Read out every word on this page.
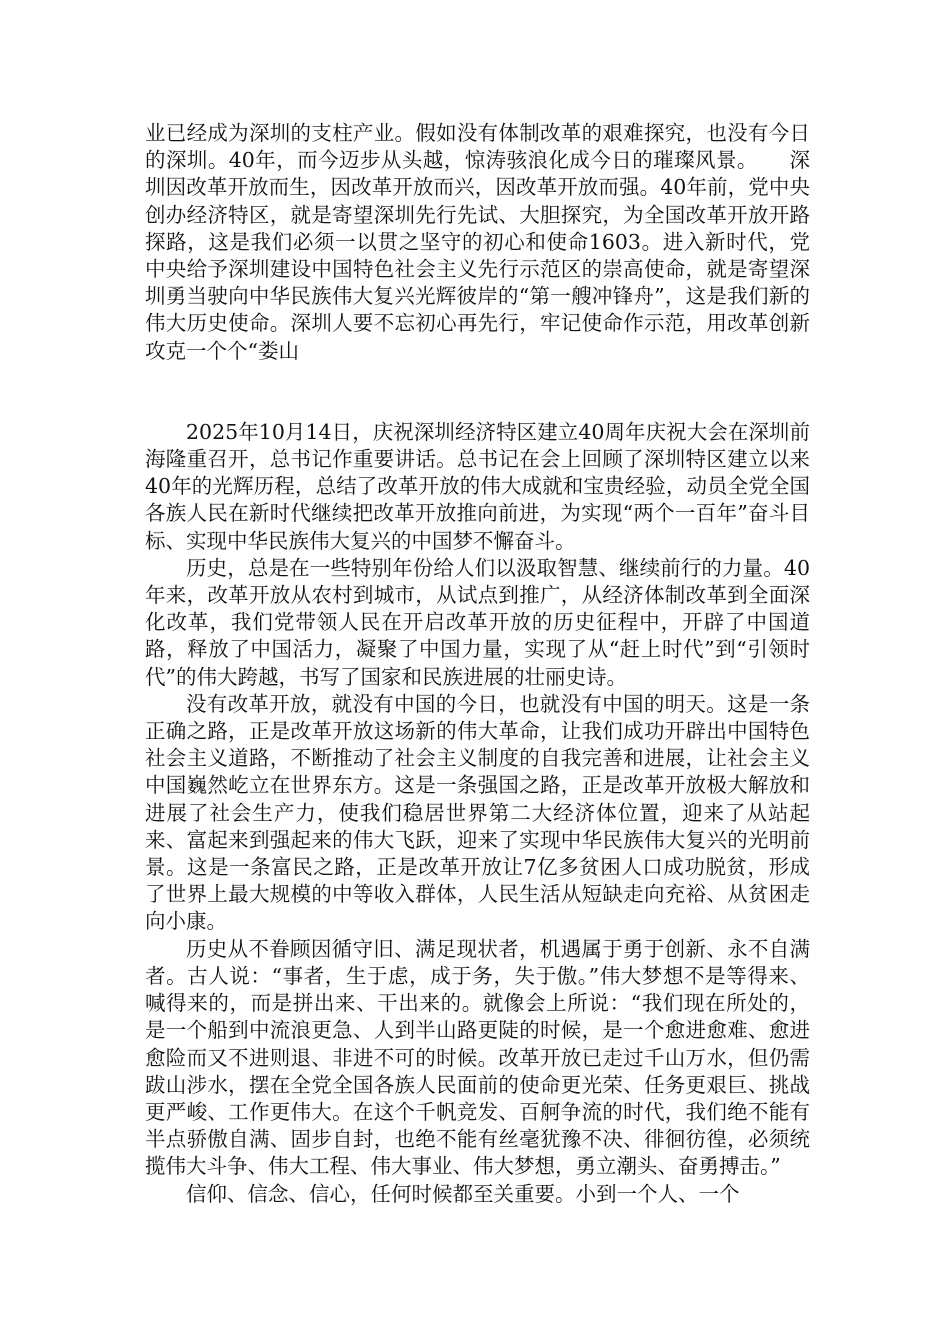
业已经成为深圳的支柱产业。假如没有体制改革的艰难探究，也没有今日的深圳。40年，而今迈步从头越，惊涛骇浪化成今日的璀璨风景。　　深圳因改革开放而生，因改革开放而兴，因改革开放而强。40年前，党中央创办经济特区，就是寄望深圳先行先试、大胆探究，为全国改革开放开路探路，这是我们必须一以贯之坚守的初心和使命1603。进入新时代，党中央给予深圳建设中国特色社会主义先行示范区的崇高使命，就是寄望深圳勇当驶向中华民族伟大复兴光辉彼岸的“第一艘冲锋舟”，这是我们新的伟大历史使命。深圳人要不忘初心再先行，牢记使命作示范，用改革创新攻克一个个“娄山

2025年10月14日，庆祝深圳经济特区建立40周年庆祝大会在深圳前海隆重召开，总书记作重要讲话。总书记在会上回顾了深圳特区建立以来40年的光辉历程，总结了改革开放的伟大成就和宝贵经验，动员全党全国各族人民在新时代继续把改革开放推向前进，为实现“两个一百年”奋斗目标、实现中华民族伟大复兴的中国梦不懈奋斗。

历史，总是在一些特别年份给人们以汲取智慧、继续前行的力量。40年来，改革开放从农村到城市，从试点到推广，从经济体制改革到全面深化改革，我们党带领人民在开启改革开放的历史征程中，开辟了中国道路，释放了中国活力，凝聚了中国力量，实现了从“赶上时代”到“引领时代”的伟大跨越，书写了国家和民族进展的壮丽史诗。

没有改革开放，就没有中国的今日，也就没有中国的明天。这是一条正确之路，正是改革开放这场新的伟大革命，让我们成功开辟出中国特色社会主义道路，不断推动了社会主义制度的自我完善和进展，让社会主义中国巍然屹立在世界东方。这是一条强国之路，正是改革开放极大解放和进展了社会生产力，使我们稳居世界第二大经济体位置，迎来了从站起来、富起来到强起来的伟大飞跃，迎来了实现中华民族伟大复兴的光明前景。这是一条富民之路，正是改革开放让7亿多贫困人口成功脱贫，形成了世界上最大规模的中等收入群体，人民生活从短缺走向充裕、从贫困走向小康。

历史从不眷顾因循守旧、满足现状者，机遇属于勇于创新、永不自满者。古人说：“事者，生于虑，成于务，失于傲。”伟大梦想不是等得来、喊得来的，而是拼出来、干出来的。就像会上所说：“我们现在所处的，是一个船到中流浪更急、人到半山路更陡的时候，是一个愈进愈难、愈进愈险而又不进则退、非进不可的时候。改革开放已走过千山万水，但仍需跋山涉水，摆在全党全国各族人民面前的使命更光荣、任务更艰巨、挑战更严峻、工作更伟大。在这个千帆竞发、百舸争流的时代，我们绝不能有半点骄傲自满、固步自封，也绝不能有丝毫犹豫不决、徘徊彷徨，必须统揽伟大斗争、伟大工程、伟大事业、伟大梦想，勇立潮头、奋勇搏击。”

信仰、信念、信心，任何时候都至关重要。小到一个人、一个
